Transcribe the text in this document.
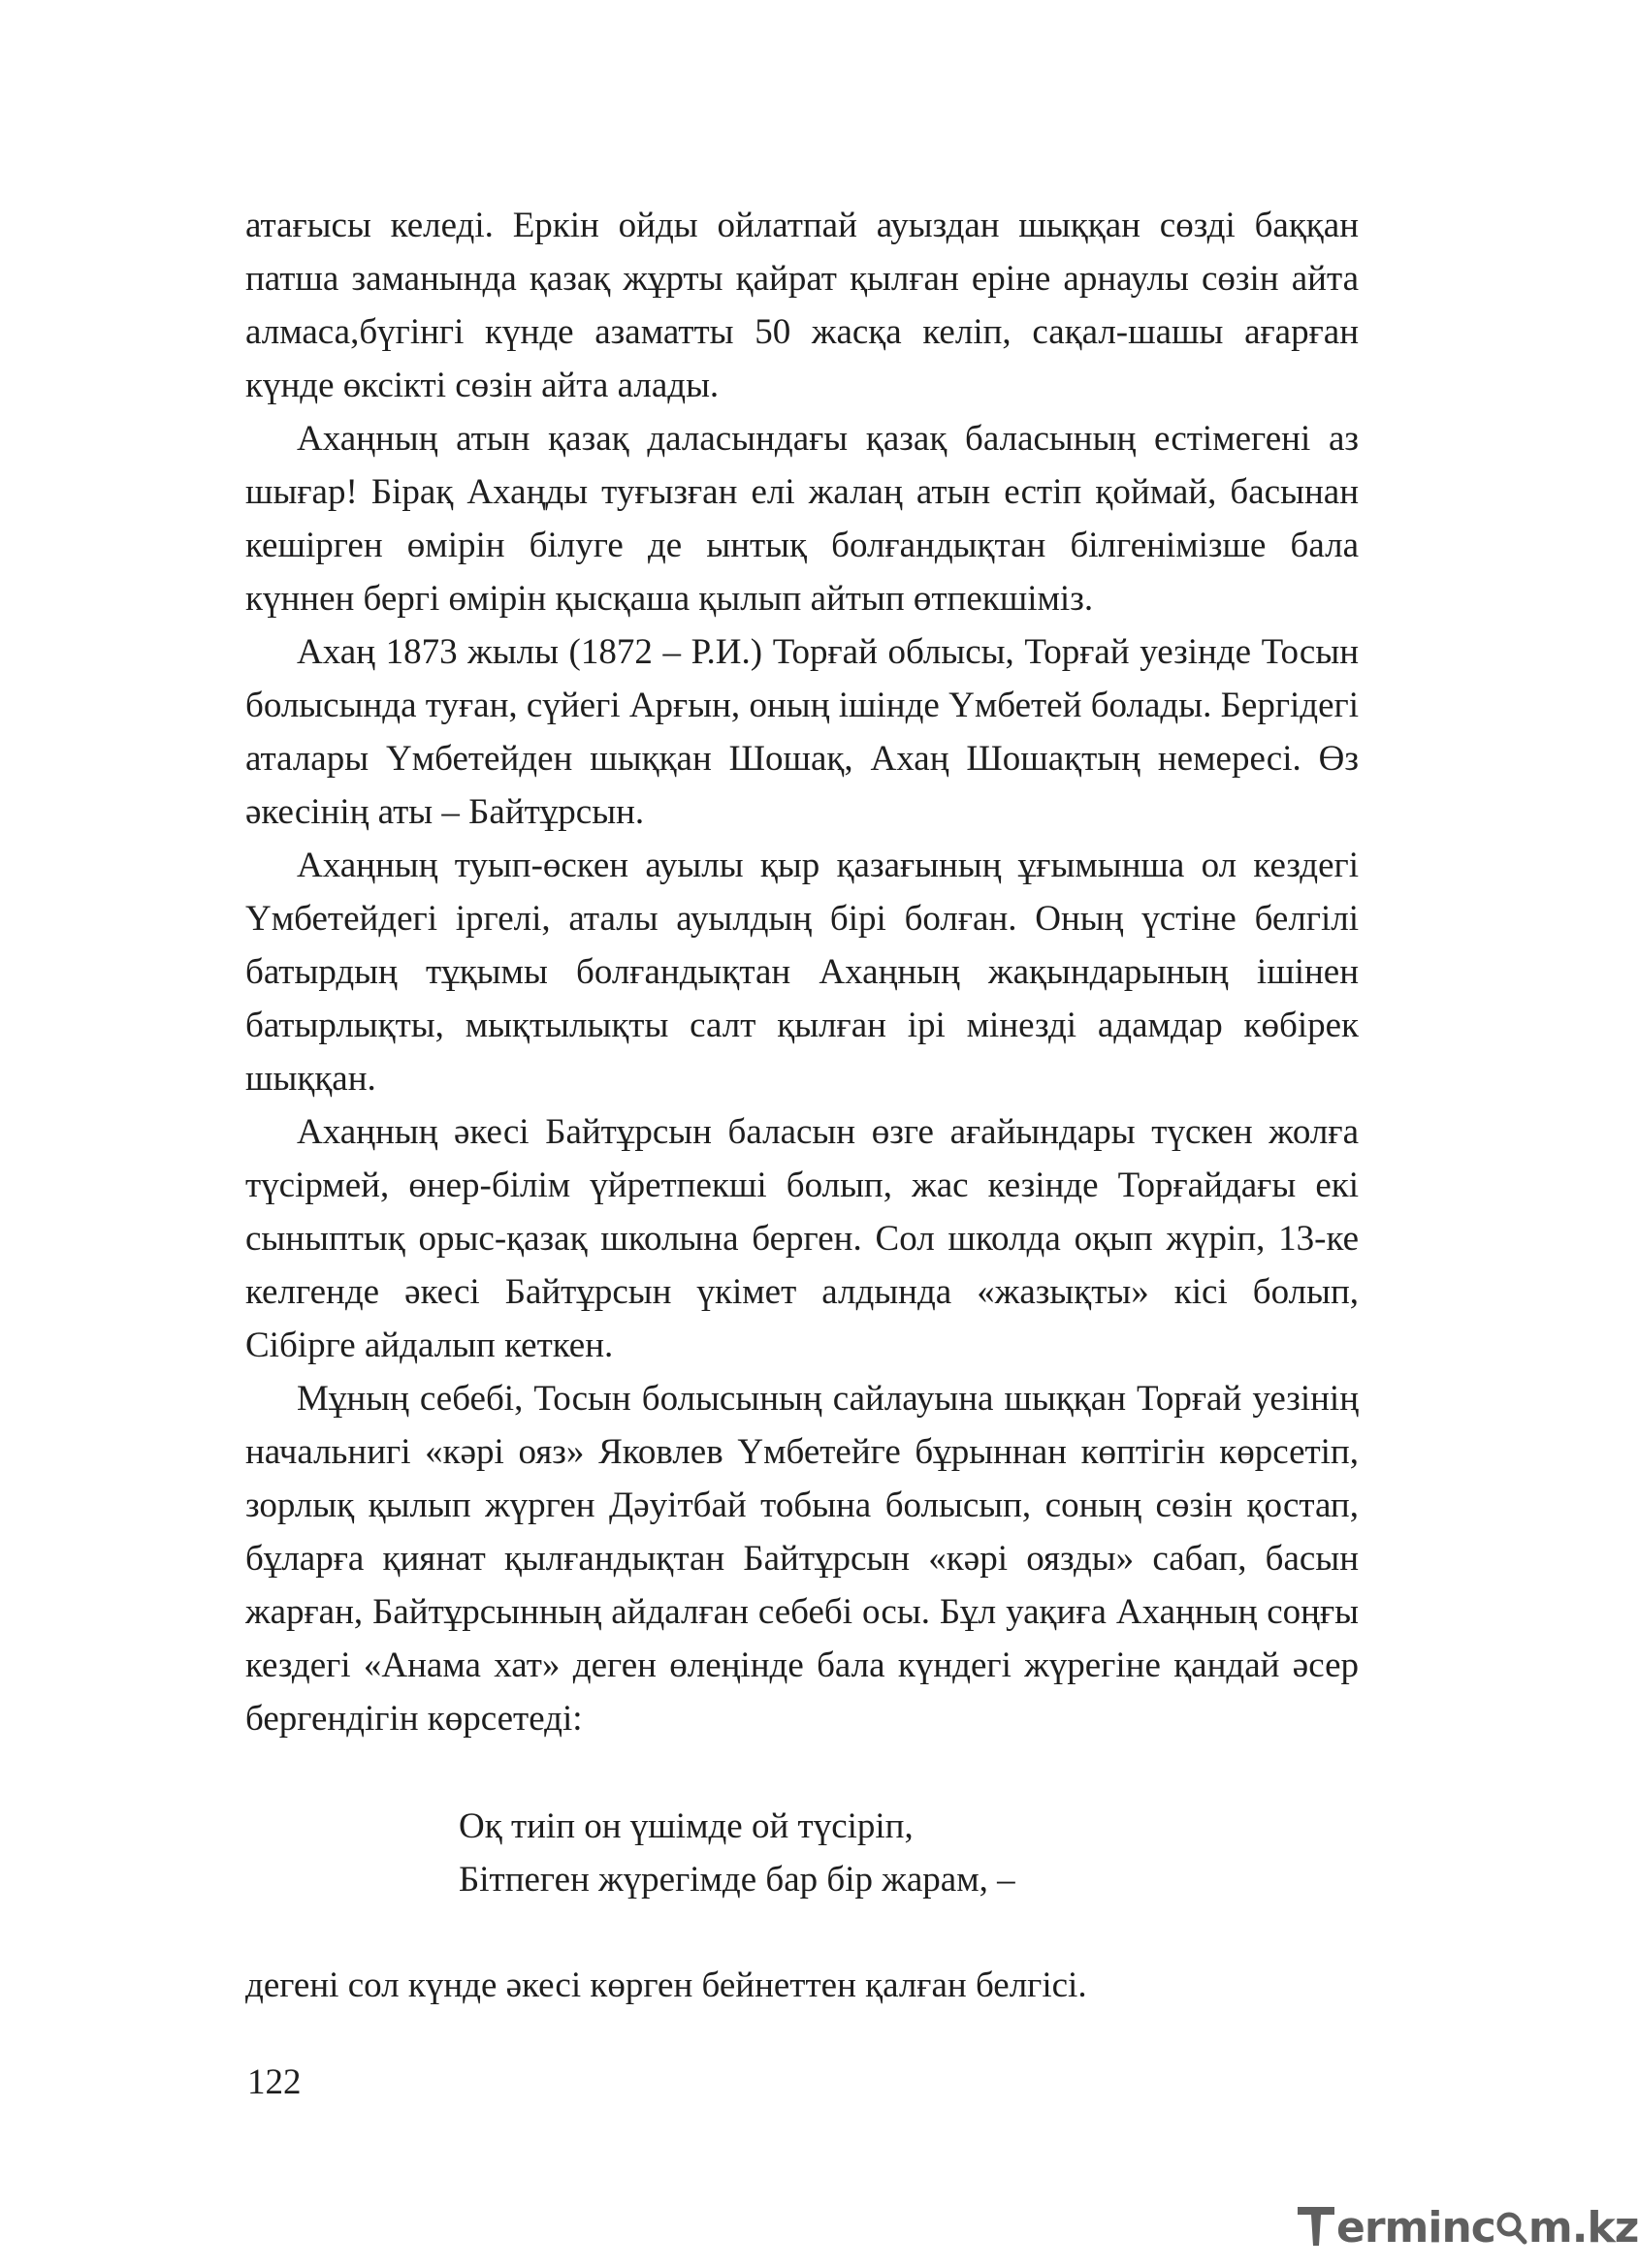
атағысы келеді. Еркін ойды ойлатпай ауыздан шыққан сөзді баққан патша заманында қазақ жұрты қайрат қылған еріне арнаулы сөзін айта алмаса,бүгінгі күнде азаматты 50 жасқа келіп, сақал-шашы ағарған күнде өксікті сөзін айта алады.

Ахаңның атын қазақ даласындағы қазақ баласының естімегені аз шығар! Бірақ Ахаңды туғызған елі жалаң атын естіп қоймай, басынан кешірген өмірін білуге де ынтық болғандықтан білгенімізше бала күннен бергі өмірін қысқаша қылып айтып өтпекшіміз.

Ахаң 1873 жылы (1872 – Р.И.) Торғай облысы, Торғай уезінде Тосын болысында туған, сүйегі Арғын, оның ішінде Үмбетей болады. Бергідегі аталары Үмбетейден шыққан Шошақ, Ахаң Шошақтың немересі. Өз әкесінің аты – Байтұрсын.

Ахаңның туып-өскен ауылы қыр қазағының ұғымынша ол кездегі Үмбетейдегі іргелі, аталы ауылдың бірі болған. Оның үстіне белгілі батырдың тұқымы болғандықтан Ахаңның жақындарының ішінен батырлықты, мықтылықты салт қылған ірі мінезді адамдар көбірек шыққан.

Ахаңның әкесі Байтұрсын баласын өзге ағайындары түскен жолға түсірмей, өнер-білім үйретпекші болып, жас кезінде Торғайдағы екі сыныптық орыс-қазақ школына берген. Сол школда оқып жүріп, 13-ке келгенде әкесі Байтұрсын үкімет алдында «жазықты» кісі болып, Сібірге айдалып кеткен.

Мұның себебі, Тосын болысының сайлауына шыққан Торғай уезінің начальнигі «кәрі ояз» Яковлев Үмбетейге бұрыннан көптігін көрсетіп, зорлық қылып жүрген Дәуітбай тобына болысып, соның сөзін қостап, бұларға қиянат қылғандықтан Байтұрсын «кәрі оязды» сабап, басын жарған, Байтұрсынның айдалған себебі осы. Бұл уақиға Ахаңның соңғы кездегі «Анама хат» деген өлеңінде бала күндегі жүрегіне қандай әсер бергендігін көрсетеді:

Оқ тиіп он үшімде ой түсіріп,
Бітпеген жүрегімде бар бір жарам, –

дегені сол күнде әкесі көрген бейнеттен қалған белгісі.

122

erminc m.kz
